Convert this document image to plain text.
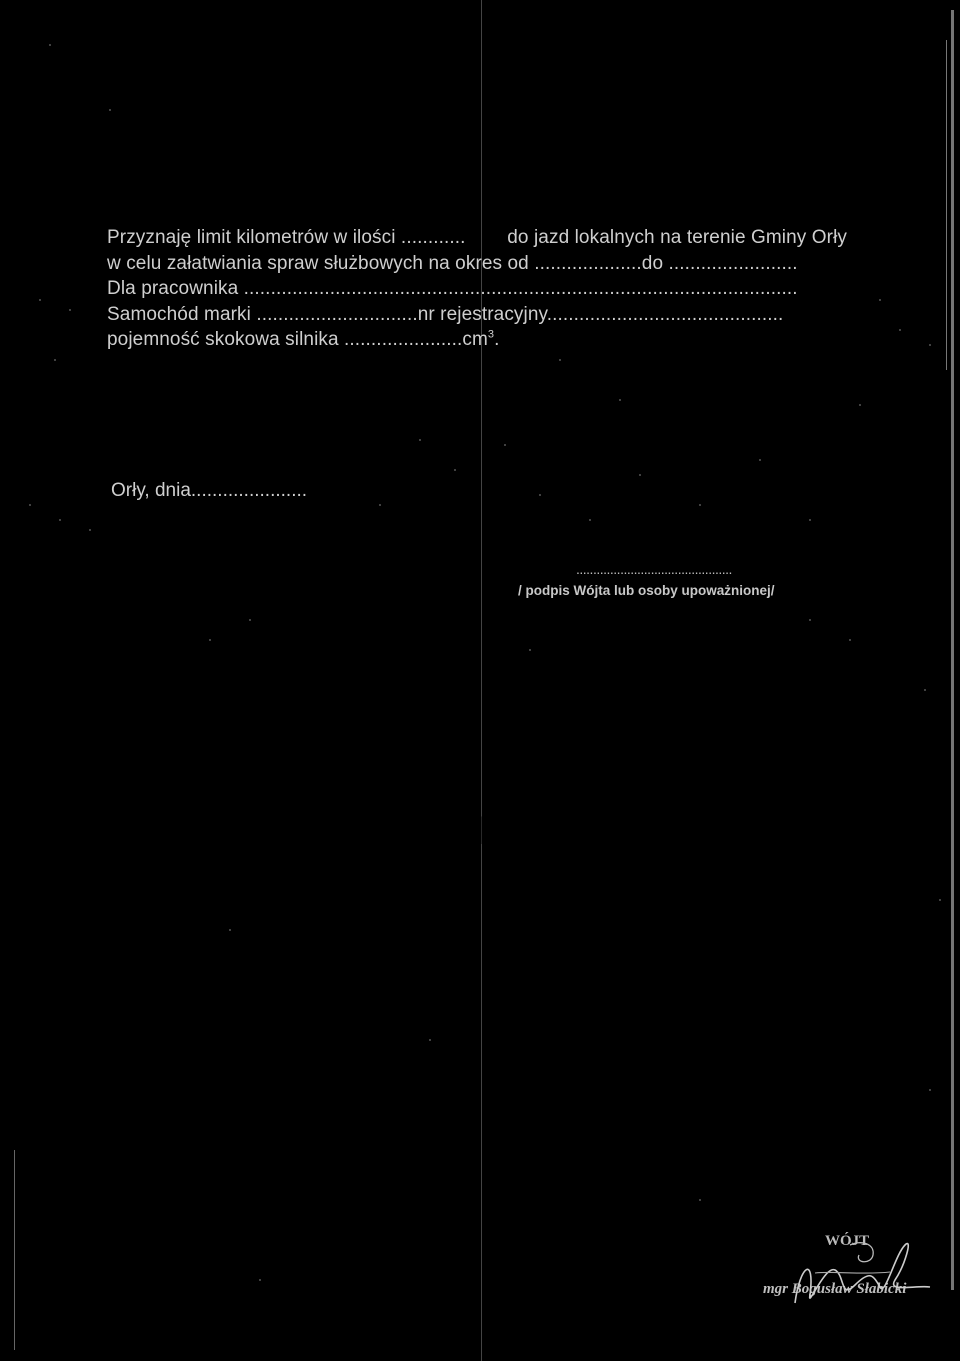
Przyznaję limit kilometrów w ilości ............ do jazd lokalnych na terenie Gminy Orły
w celu załatwiania spraw służbowych na okres od ....................do ........................
Dla pracownika .......................................................................................................
Samochód marki ..............................nr rejestracyjny............................................
pojemność skokowa silnika $......................cm^3$.
Orły, dnia......................
..............................................
/ podpis Wójta lub osoby upoważnionej/
WÓJT
mgr Bogusław Słabicki
